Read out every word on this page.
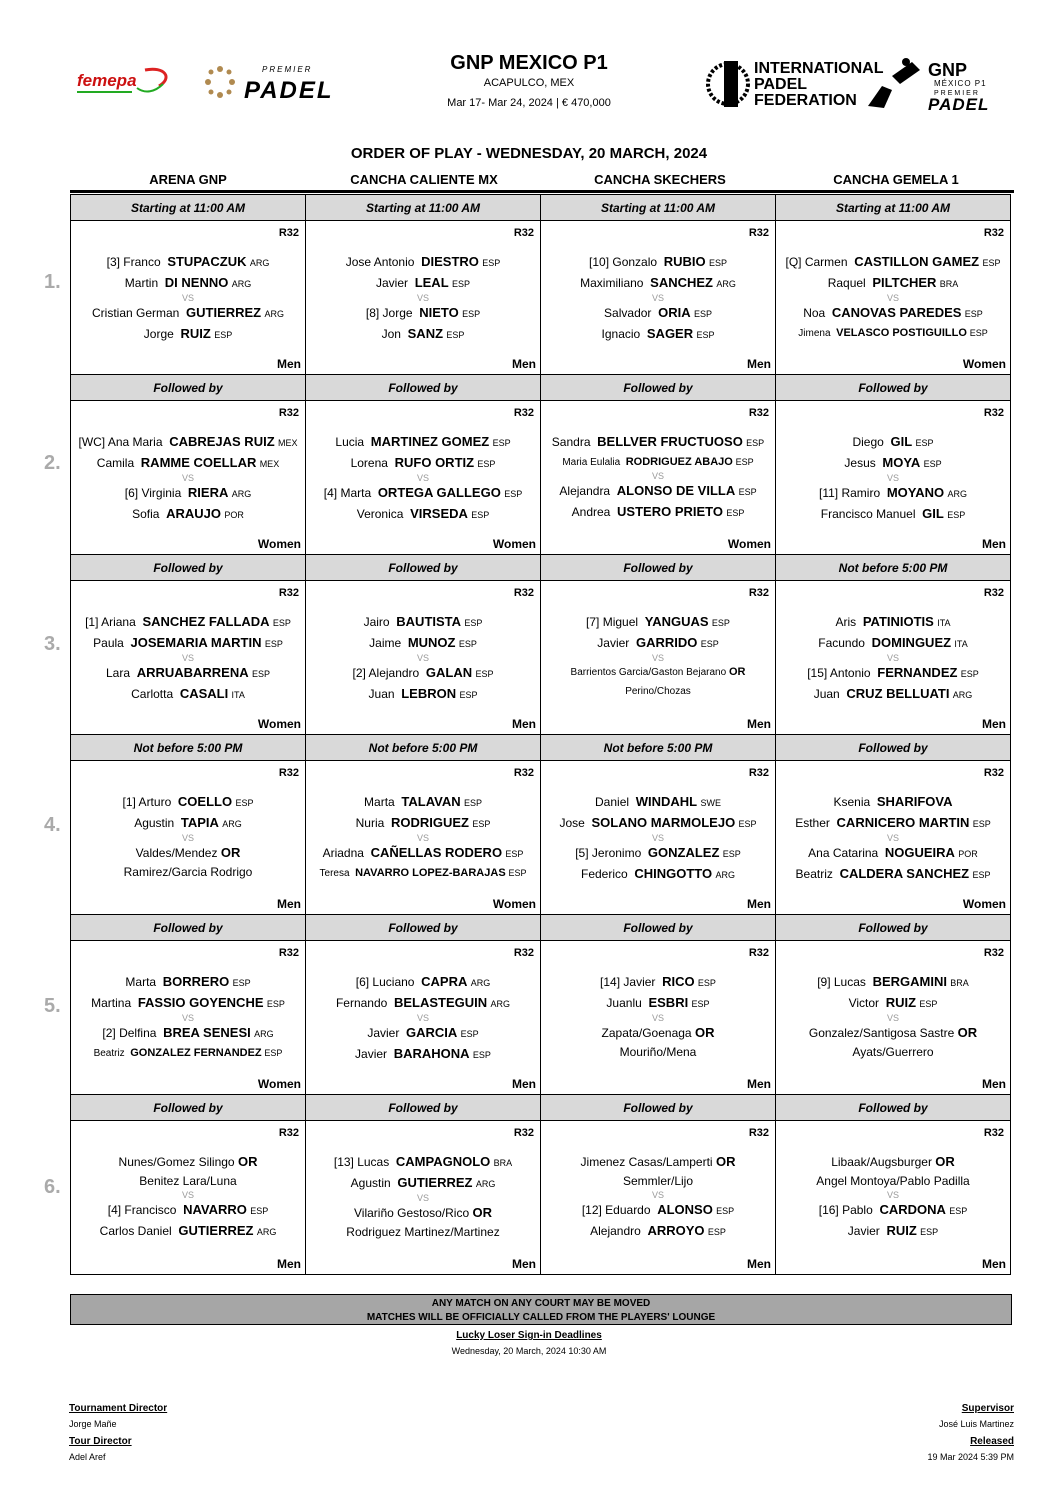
femepa
PREMIER
PADEL
GNP MEXICO P1
ACAPULCO, MEX
Mar 17- Mar 24, 2024 | € 470,000
INTERNATIONAL
PADEL
FEDERATION
GNP
MÉXICO P1
PREMIER
PADEL
ORDER OF PLAY - WEDNESDAY, 20 MARCH, 2024
ARENA GNP	CANCHA CALIENTE MX	CANCHA SKECHERS	CANCHA GEMELA 1
Starting at 11:00 AM	Starting at 11:00 AM	Starting at 11:00 AM	Starting at 11:00 AM
R32
[3] Franco STUPACZUK ARG
Martin DI NENNO ARG
VS
Cristian German GUTIERREZ ARG
Jorge RUIZ ESP
Men
R32
Jose Antonio DIESTRO ESP
Javier LEAL ESP
VS
[8] Jorge NIETO ESP
Jon SANZ ESP
Men
R32
[10] Gonzalo RUBIO ESP
Maximiliano SANCHEZ ARG
VS
Salvador ORIA ESP
Ignacio SAGER ESP
Men
R32
[Q] Carmen CASTILLON GAMEZ ESP
Raquel PILTCHER BRA
VS
Noa CANOVAS PAREDES ESP
Jimena VELASCO POSTIGUILLO ESP
Women
Followed by	Followed by	Followed by	Followed by
R32
[WC] Ana Maria CABREJAS RUIZ MEX
Camila RAMME COELLAR MEX
VS
[6] Virginia RIERA ARG
Sofia ARAUJO POR
Women
R32
Lucia MARTINEZ GOMEZ ESP
Lorena RUFO ORTIZ ESP
VS
[4] Marta ORTEGA GALLEGO ESP
Veronica VIRSEDA ESP
Women
R32
Sandra BELLVER FRUCTUOSO ESP
Maria Eulalia RODRIGUEZ ABAJO ESP
VS
Alejandra ALONSO DE VILLA ESP
Andrea USTERO PRIETO ESP
Women
R32
Diego GIL ESP
Jesus MOYA ESP
VS
[11] Ramiro MOYANO ARG
Francisco Manuel GIL ESP
Men
Followed by	Followed by	Followed by	Not before 5:00 PM
R32
[1] Ariana SANCHEZ FALLADA ESP
Paula JOSEMARIA MARTIN ESP
VS
Lara ARRUABARRENA ESP
Carlotta CASALI ITA
Women
R32
Jairo BAUTISTA ESP
Jaime MUNOZ ESP
VS
[2] Alejandro GALAN ESP
Juan LEBRON ESP
Men
R32
[7] Miguel YANGUAS ESP
Javier GARRIDO ESP
VS
Barrientos Garcia/Gaston Bejarano OR
Perino/Chozas
Men
R32
Aris PATINIOTIS ITA
Facundo DOMINGUEZ ITA
VS
[15] Antonio FERNANDEZ ESP
Juan CRUZ BELLUATI ARG
Men
Not before 5:00 PM	Not before 5:00 PM	Not before 5:00 PM	Followed by
R32
[1] Arturo COELLO ESP
Agustin TAPIA ARG
VS
Valdes/Mendez OR
Ramirez/Garcia Rodrigo
Men
R32
Marta TALAVAN ESP
Nuria RODRIGUEZ ESP
VS
Ariadna CAÑELLAS RODERO ESP
Teresa NAVARRO LOPEZ-BARAJAS ESP
Women
R32
Daniel WINDAHL SWE
Jose SOLANO MARMOLEJO ESP
VS
[5] Jeronimo GONZALEZ ESP
Federico CHINGOTTO ARG
Men
R32
Ksenia SHARIFOVA
Esther CARNICERO MARTIN ESP
VS
Ana Catarina NOGUEIRA POR
Beatriz CALDERA SANCHEZ ESP
Women
Followed by	Followed by	Followed by	Followed by
R32
Marta BORRERO ESP
Martina FASSIO GOYENCHE ESP
VS
[2] Delfina BREA SENESI ARG
Beatriz GONZALEZ FERNANDEZ ESP
Women
R32
[6] Luciano CAPRA ARG
Fernando BELASTEGUIN ARG
VS
Javier GARCIA ESP
Javier BARAHONA ESP
Men
R32
[14] Javier RICO ESP
Juanlu ESBRI ESP
VS
Zapata/Goenaga OR
Mouriño/Mena
Men
R32
[9] Lucas BERGAMINI BRA
Victor RUIZ ESP
VS
Gonzalez/Santigosa Sastre OR
Ayats/Guerrero
Men
Followed by	Followed by	Followed by	Followed by
R32
Nunes/Gomez Silingo OR
Benitez Lara/Luna
VS
[4] Francisco NAVARRO ESP
Carlos Daniel GUTIERREZ ARG
Men
R32
[13] Lucas CAMPAGNOLO BRA
Agustin GUTIERREZ ARG
VS
Vilariño Gestoso/Rico OR
Rodriguez Martinez/Martinez
Men
R32
Jimenez Casas/Lamperti OR
Semmler/Lijo
VS
[12] Eduardo ALONSO ESP
Alejandro ARROYO ESP
Men
R32
Libaak/Augsburger OR
Angel Montoya/Pablo Padilla
VS
[16] Pablo CARDONA ESP
Javier RUIZ ESP
Men
ANY MATCH ON ANY COURT MAY BE MOVED
MATCHES WILL BE OFFICIALLY CALLED FROM THE PLAYERS' LOUNGE
Lucky Loser Sign-in Deadlines
Wednesday, 20 March, 2024 10:30 AM
Tournament Director
Jorge Mañe
Tour Director
Adel Aref
Supervisor
José Luis Martinez
Released
19 Mar 2024 5:39 PM
1.
2.
3.
4.
5.
6.
